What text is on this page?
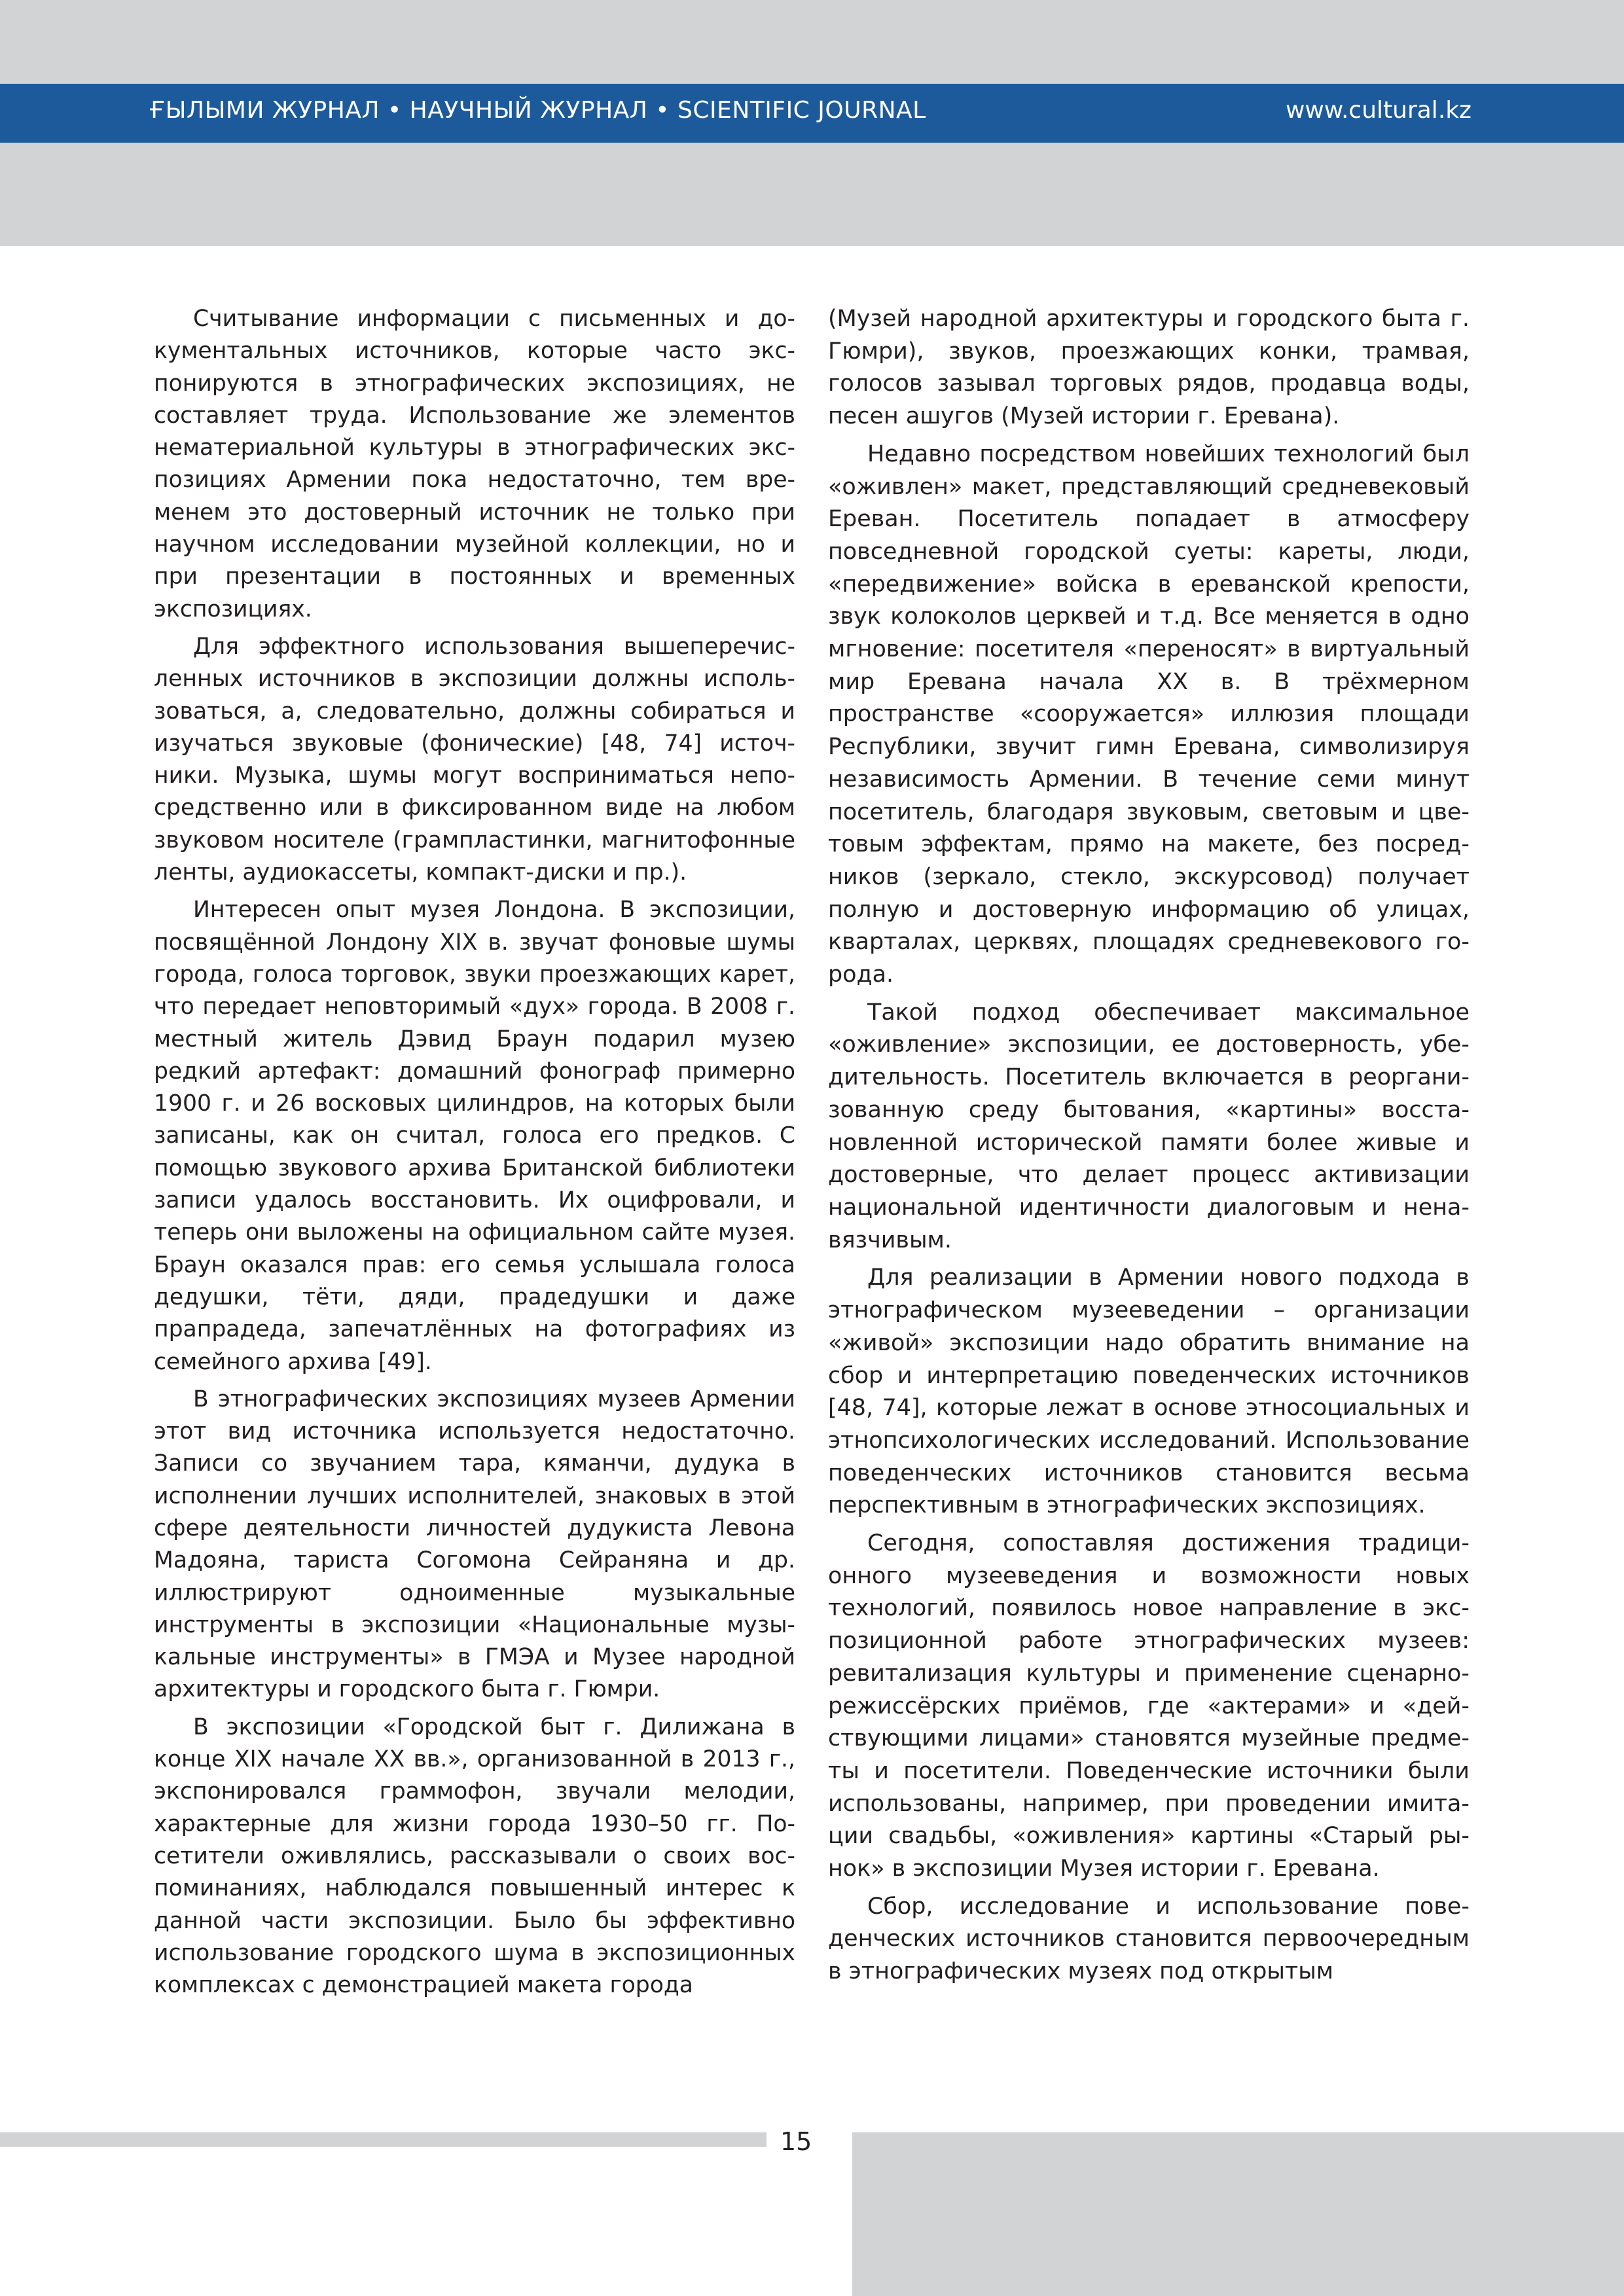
ҒЫЛЫМИ ЖУРНАЛ • НАУЧНЫЙ ЖУРНАЛ • SCIENTIFIC JOURNAL	www.cultural.kz

Считывание информации с письменных и документальных источников, которые часто экспонируются в этнографических экспозициях, не составляет труда. Использование же элементов нематериальной культуры в этнографических экспозициях Армении пока недостаточно, тем временем это достоверный источник не только при научном исследовании музейной коллекции, но и при презентации в постоянных и временных экспозициях.

Для эффектного использования вышеперечисленных источников в экспозиции должны использоваться, а, следовательно, должны собираться и изучаться звуковые (фонические) [48, 74] источники. Музыка, шумы могут восприниматься непосредственно или в фиксированном виде на любом звуковом носителе (грампластинки, магнитофонные ленты, аудиокассеты, компакт-диски и пр.).

Интересен опыт музея Лондона. В экспозиции, посвящённой Лондону XIX в. звучат фоновые шумы города, голоса торговок, звуки проезжающих карет, что передает неповторимый «дух» города. В 2008 г. местный житель Дэвид Браун подарил музею редкий артефакт: домашний фонограф примерно 1900 г. и 26 восковых цилиндров, на которых были записаны, как он считал, голоса его предков. С помощью звукового архива Британской библиотеки записи удалось восстановить. Их оцифровали, и теперь они выложены на официальном сайте музея. Браун оказался прав: его семья услышала голоса дедушки, тёти, дяди, прадедушки и даже прапрадеда, запечатлённых на фотографиях из семейного архива [49].

В этнографических экспозициях музеев Армении этот вид источника используется недостаточно. Записи со звучанием тара, кяманчи, дудука в исполнении лучших исполнителей, знаковых в этой сфере деятельности личностей дудукиста Левона Мадояна, тариста Согомона Сейраняна и др. иллюстрируют одноименные музыкальные инструменты в экспозиции «Национальные музыкальные инструменты» в ГМЭА и Музее народной архитектуры и городского быта г. Гюмри.

В экспозиции «Городской быт г. Дилижана в конце XIX начале XX вв.», организованной в 2013 г., экспонировался граммофон, звучали мелодии, характерные для жизни города 1930–50 гг. Посетители оживлялись, рассказывали о своих воспоминаниях, наблюдался повышенный интерес к данной части экспозиции. Было бы эффективно использование городского шума в экспозиционных комплексах с демонстрацией макета города

(Музей народной архитектуры и городского быта г. Гюмри), звуков, проезжающих конки, трамвая, голосов зазывал торговых рядов, продавца воды, песен ашугов (Музей истории г. Еревана).

Недавно посредством новейших технологий был «оживлен» макет, представляющий средневековый Ереван. Посетитель попадает в атмосферу повседневной городской суеты: кареты, люди, «передвижение» войска в ереванской крепости, звук колоколов церквей и т.д. Все меняется в одно мгновение: посетителя «переносят» в виртуальный мир Еревана начала XX в. В трёхмерном пространстве «сооружается» иллюзия площади Республики, звучит гимн Еревана, символизируя независимость Армении. В течение семи минут посетитель, благодаря звуковым, световым и цветовым эффектам, прямо на макете, без посредников (зеркало, стекло, экскурсовод) получает полную и достоверную информацию об улицах, кварталах, церквях, площадях средневекового города.

Такой подход обеспечивает максимальное «оживление» экспозиции, ее достоверность, убедительность. Посетитель включается в реорганизованную среду бытования, «картины» восстановленной исторической памяти более живые и достоверные, что делает процесс активизации национальной идентичности диалоговым и ненавязчивым.

Для реализации в Армении нового подхода в этнографическом музееведении – организации «живой» экспозиции надо обратить внимание на сбор и интерпретацию поведенческих источников [48, 74], которые лежат в основе этносоциальных и этнопсихологических исследований. Использование поведенческих источников становится весьма перспективным в этнографических экспозициях.

Сегодня, сопоставляя достижения традиционного музееведения и возможности новых технологий, появилось новое направление в экспозиционной работе этнографических музеев: ревитализация культуры и применение сценарно-режиссёрских приёмов, где «актерами» и «действующими лицами» становятся музейные предметы и посетители. Поведенческие источники были использованы, например, при проведении имитации свадьбы, «оживления» картины «Старый рынок» в экспозиции Музея истории г. Еревана.

Сбор, исследование и использование поведенческих источников становится первоочередным в этнографических музеях под открытым

15
